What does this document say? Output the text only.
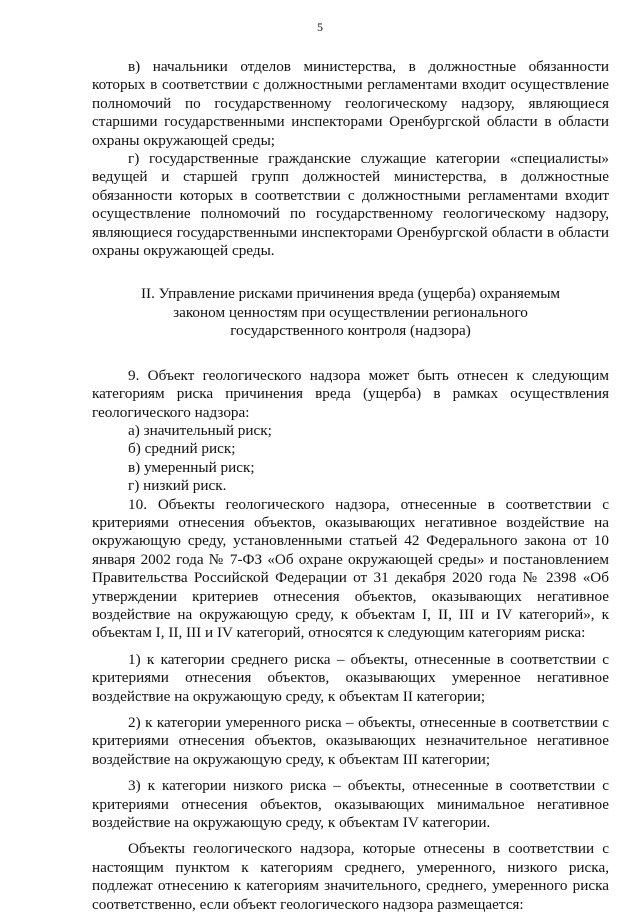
5

в) начальники отделов министерства, в должностные обязанности которых в соответствии с должностными регламентами входит осуществление полномочий по государственному геологическому надзору, являющиеся старшими государственными инспекторами Оренбургской области в области охраны окружающей среды;

г) государственные гражданские служащие категории «специалисты» ведущей и старшей групп должностей министерства, в должностные обязанности которых в соответствии с должностными регламентами входит осуществление полномочий по государственному геологическому надзору, являющиеся государственными инспекторами Оренбургской области в области охраны окружающей среды.

II. Управление рисками причинения вреда (ущерба) охраняемым
законом ценностям при осуществлении регионального
государственного контроля (надзора)

9. Объект геологического надзора может быть отнесен к следующим категориям риска причинения вреда (ущерба) в рамках осуществления геологического надзора:

а) значительный риск;

б) средний риск;

в) умеренный риск;

г) низкий риск.

10. Объекты геологического надзора, отнесенные в соответствии с критериями отнесения объектов, оказывающих негативное воздействие на окружающую среду, установленными статьей 42 Федерального закона от 10 января 2002 года № 7-ФЗ «Об охране окружающей среды» и постановлением Правительства Российской Федерации от 31 декабря 2020 года № 2398 «Об утверждении критериев отнесения объектов, оказывающих негативное воздействие на окружающую среду, к объектам I, II, III и IV категорий», к объектам I, II, III и IV категорий, относятся к следующим категориям риска:

1) к категории среднего риска – объекты, отнесенные в соответствии с критериями отнесения объектов, оказывающих умеренное негативное воздействие на окружающую среду, к объектам II категории;

2) к категории умеренного риска – объекты, отнесенные в соответствии с критериями отнесения объектов, оказывающих незначительное негативное воздействие на окружающую среду, к объектам III категории;

3) к категории низкого риска – объекты, отнесенные в соответствии с критериями отнесения объектов, оказывающих минимальное негативное воздействие на окружающую среду, к объектам IV категории.

Объекты геологического надзора, которые отнесены в соответствии с настоящим пунктом к категориям среднего, умеренного, низкого риска, подлежат отнесению к категориям значительного, среднего, умеренного риска соответственно, если объект геологического надзора размещается:
